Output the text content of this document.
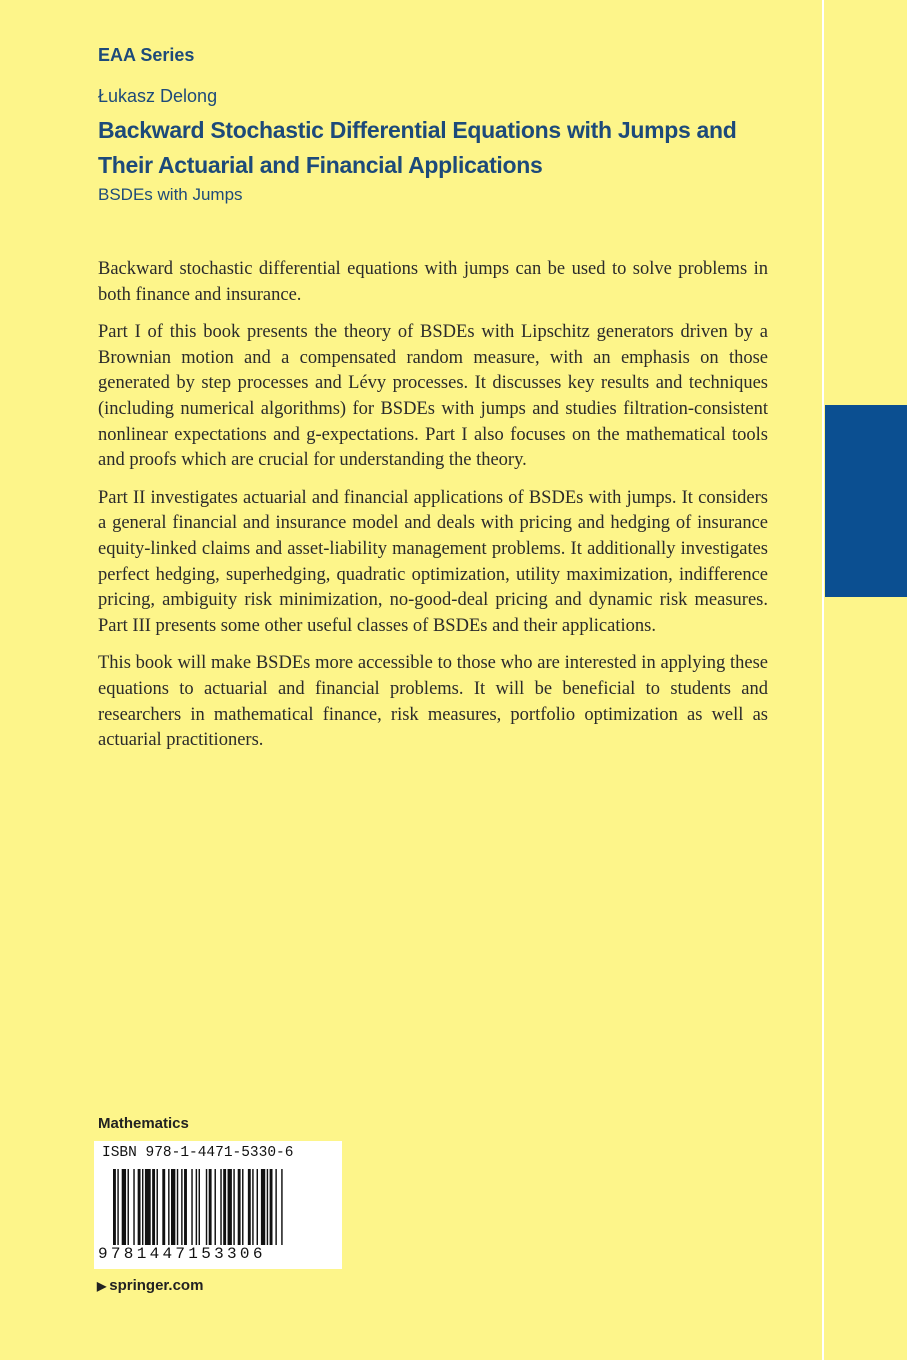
EAA Series
Łukasz Delong
Backward Stochastic Differential Equations with Jumps and
Their Actuarial and Financial Applications
BSDEs with Jumps

Backward stochastic differential equations with jumps can be used to solve problems in both finance and insurance.

Part I of this book presents the theory of BSDEs with Lipschitz generators driven by a Brownian motion and a compensated random measure, with an emphasis on those generated by step processes and Lévy processes. It discusses key results and techniques (including numerical algorithms) for BSDEs with jumps and studies filtration-consistent nonlinear expectations and g-expectations. Part I also focuses on the mathematical tools and proofs which are crucial for understanding the theory.

Part II investigates actuarial and financial applications of BSDEs with jumps. It considers a general financial and insurance model and deals with pricing and hedging of insurance equity-linked claims and asset-liability management problems. It additionally investigates perfect hedging, superhedging, quadratic optimization, utility maximization, indifference pricing, ambiguity risk minimization, no-good-deal pricing and dynamic risk measures. Part III presents some other useful classes of BSDEs and their applications.

This book will make BSDEs more accessible to those who are interested in applying these equations to actuarial and financial problems. It will be beneficial to students and researchers in mathematical finance, risk measures, portfolio optimization as well as actuarial practitioners.

Mathematics
ISBN 978-1-4471-5330-6
9781447153306
▶ springer.com
